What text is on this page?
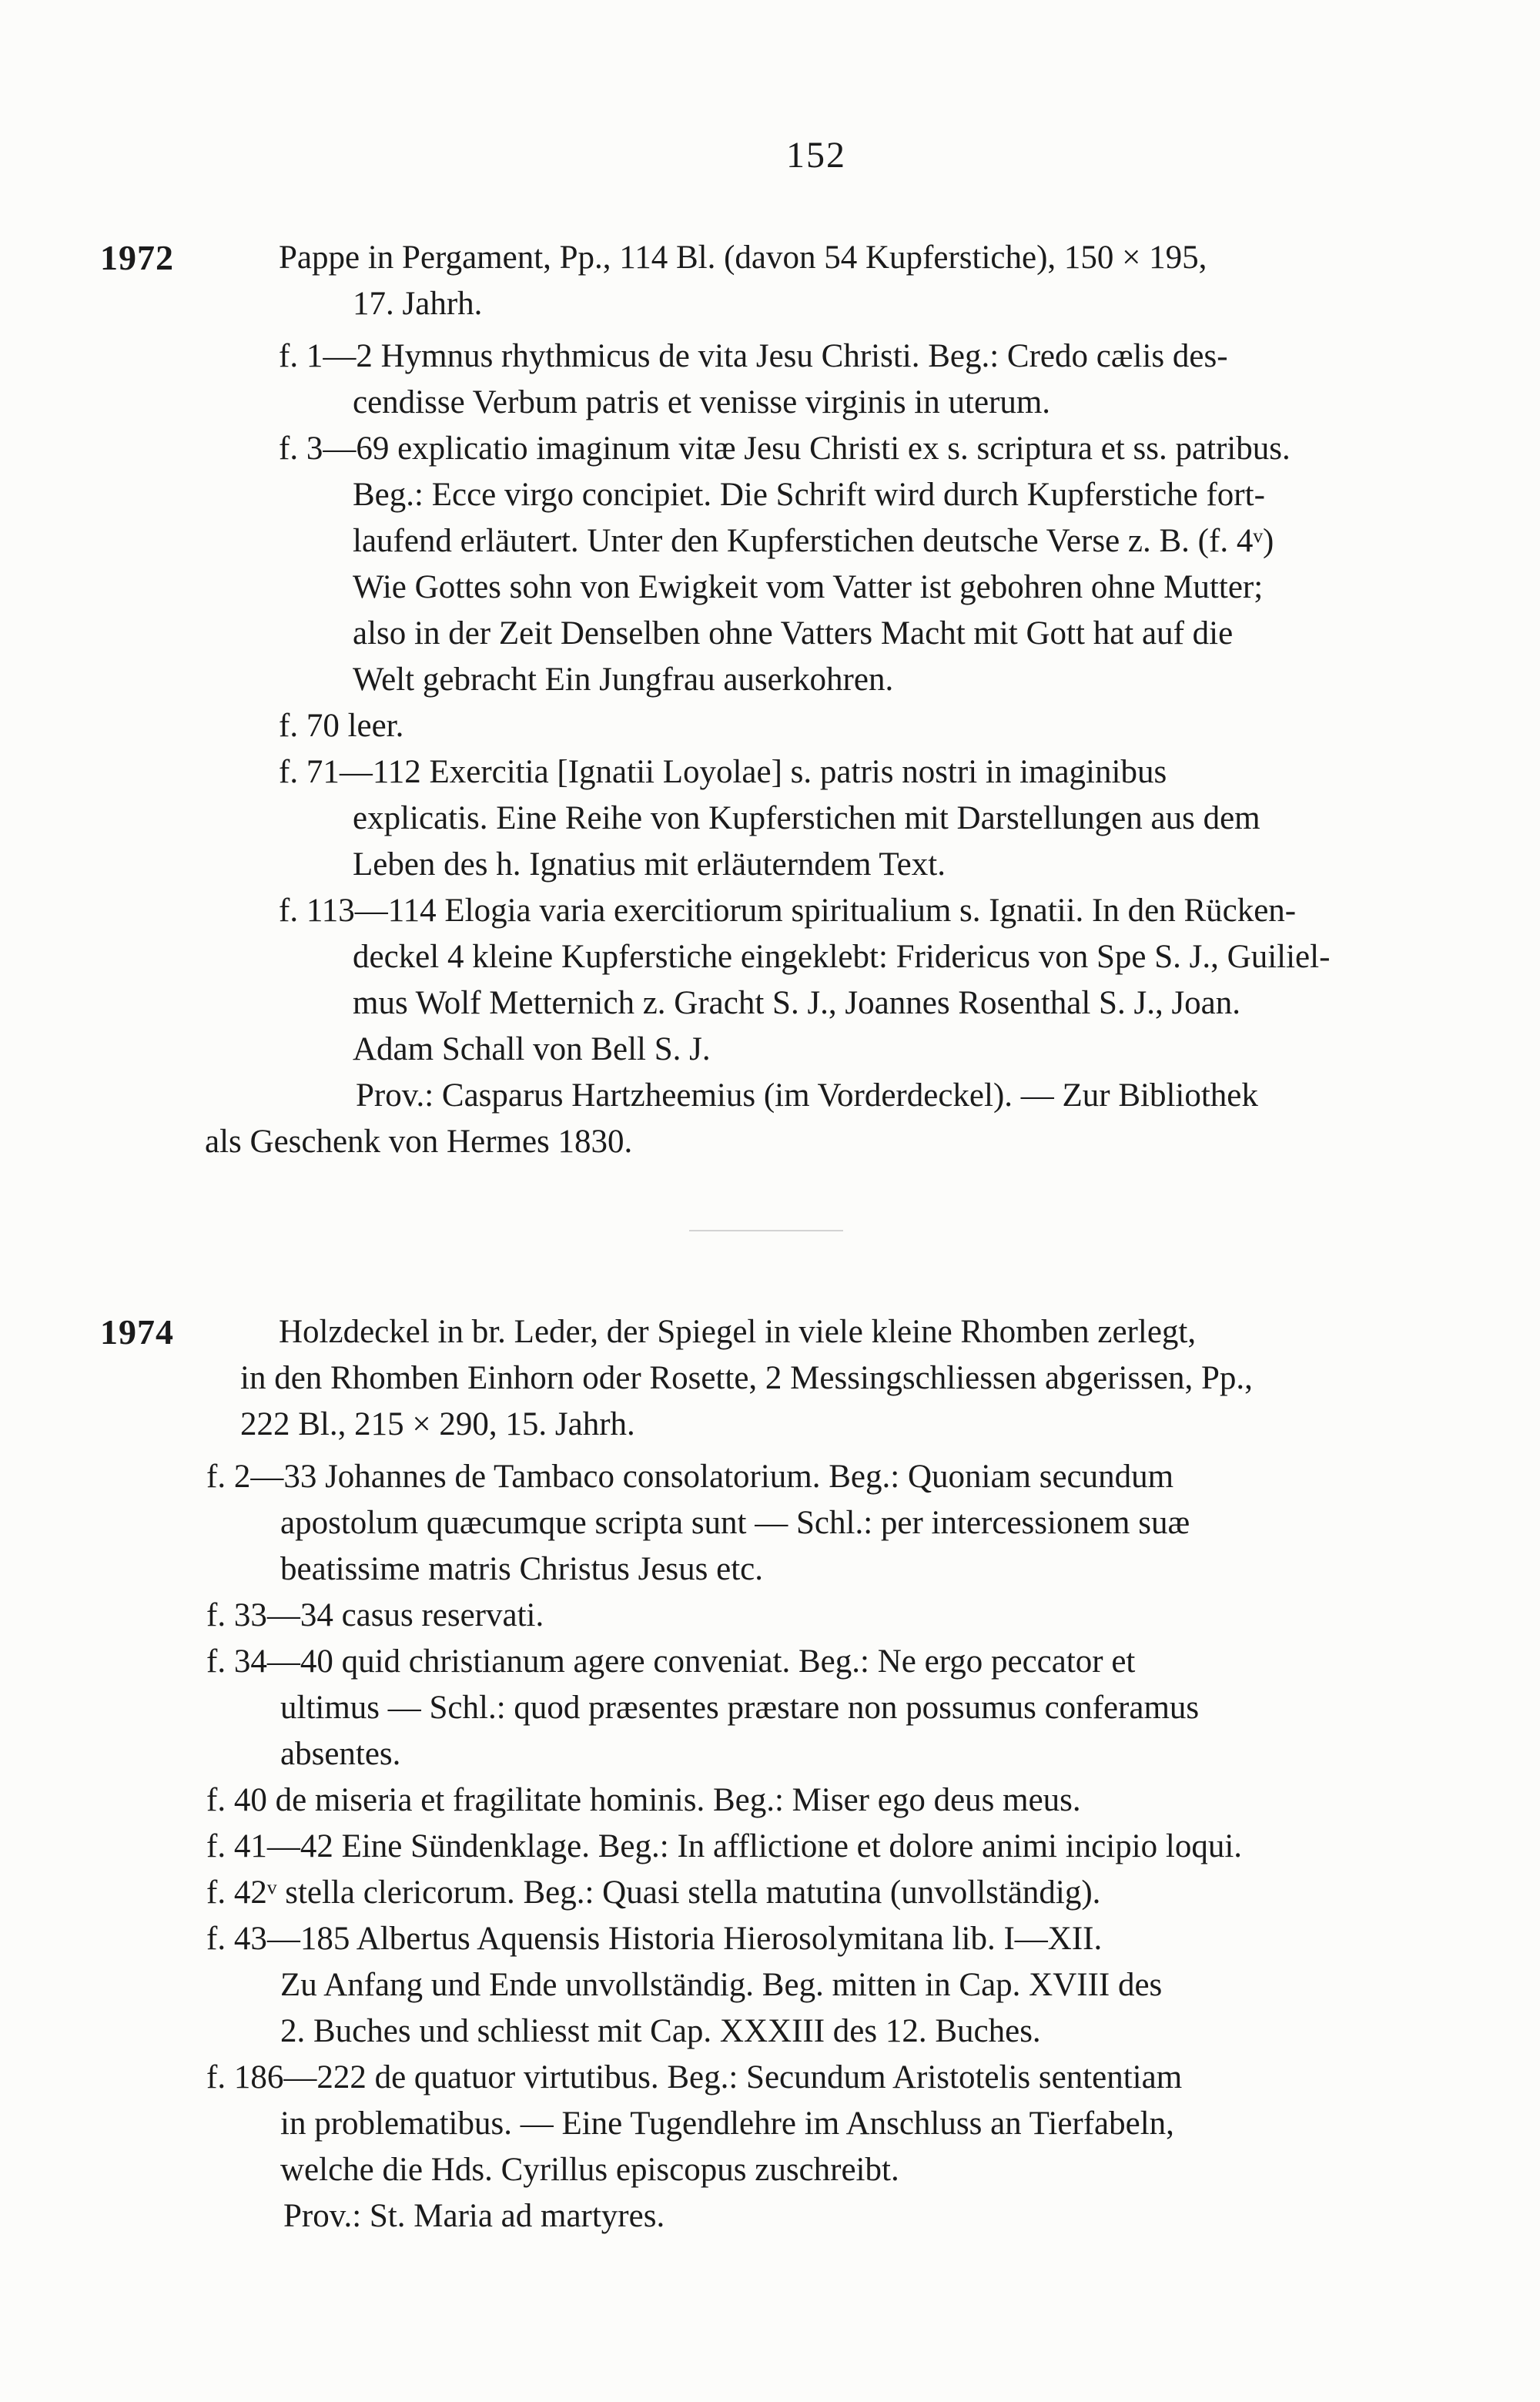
152
1972	Pappe in Pergament, Pp., 114 Bl. (davon 54 Kupferstiche), 150 × 195,
17. Jahrh.
f. 1—2 Hymnus rhythmicus de vita Jesu Christi. Beg.: Credo cælis des-
cendisse Verbum patris et venisse virginis in uterum.
f. 3—69 explicatio imaginum vitæ Jesu Christi ex s. scriptura et ss. patribus.
Beg.: Ecce virgo concipiet. Die Schrift wird durch Kupferstiche fort-
laufend erläutert. Unter den Kupferstichen deutsche Verse z. B. (f. 4ᵛ)
Wie Gottes sohn von Ewigkeit vom Vatter ist gebohren ohne Mutter;
also in der Zeit Denselben ohne Vatters Macht mit Gott hat auf die
Welt gebracht Ein Jungfrau auserkohren.
f. 70 leer.
f. 71—112 Exercitia [Ignatii Loyolae] s. patris nostri in imaginibus
explicatis. Eine Reihe von Kupferstichen mit Darstellungen aus dem
Leben des h. Ignatius mit erläuterndem Text.
f. 113—114 Elogia varia exercitiorum spiritualium s. Ignatii. In den Rücken-
deckel 4 kleine Kupferstiche eingeklebt: Fridericus von Spe S. J., Guiliel-
mus Wolf Metternich z. Gracht S. J., Joannes Rosenthal S. J., Joan.
Adam Schall von Bell S. J.
Prov.: Casparus Hartzheemius (im Vorderdeckel). — Zur Bibliothek
als Geschenk von Hermes 1830.
1974	Holzdeckel in br. Leder, der Spiegel in viele kleine Rhomben zerlegt,
in den Rhomben Einhorn oder Rosette, 2 Messingschliessen abgerissen, Pp.,
222 Bl., 215 × 290, 15. Jahrh.
f. 2—33 Johannes de Tambaco consolatorium. Beg.: Quoniam secundum
apostolum quæcumque scripta sunt — Schl.: per intercessionem suæ
beatissime matris Christus Jesus etc.
f. 33—34 casus reservati.
f. 34—40 quid christianum agere conveniat. Beg.: Ne ergo peccator et
ultimus — Schl.: quod præsentes præstare non possumus conferamus
absentes.
f. 40 de miseria et fragilitate hominis. Beg.: Miser ego deus meus.
f. 41—42 Eine Sündenklage. Beg.: In afflictione et dolore animi incipio loqui.
f. 42ᵛ stella clericorum. Beg.: Quasi stella matutina (unvollständig).
f. 43—185 Albertus Aquensis Historia Hierosolymitana lib. I—XII.
Zu Anfang und Ende unvollständig. Beg. mitten in Cap. XVIII des
2. Buches und schliesst mit Cap. XXXIII des 12. Buches.
f. 186—222 de quatuor virtutibus. Beg.: Secundum Aristotelis sententiam
in problematibus. — Eine Tugendlehre im Anschluss an Tierfabeln,
welche die Hds. Cyrillus episcopus zuschreibt.
Prov.: St. Maria ad martyres.
